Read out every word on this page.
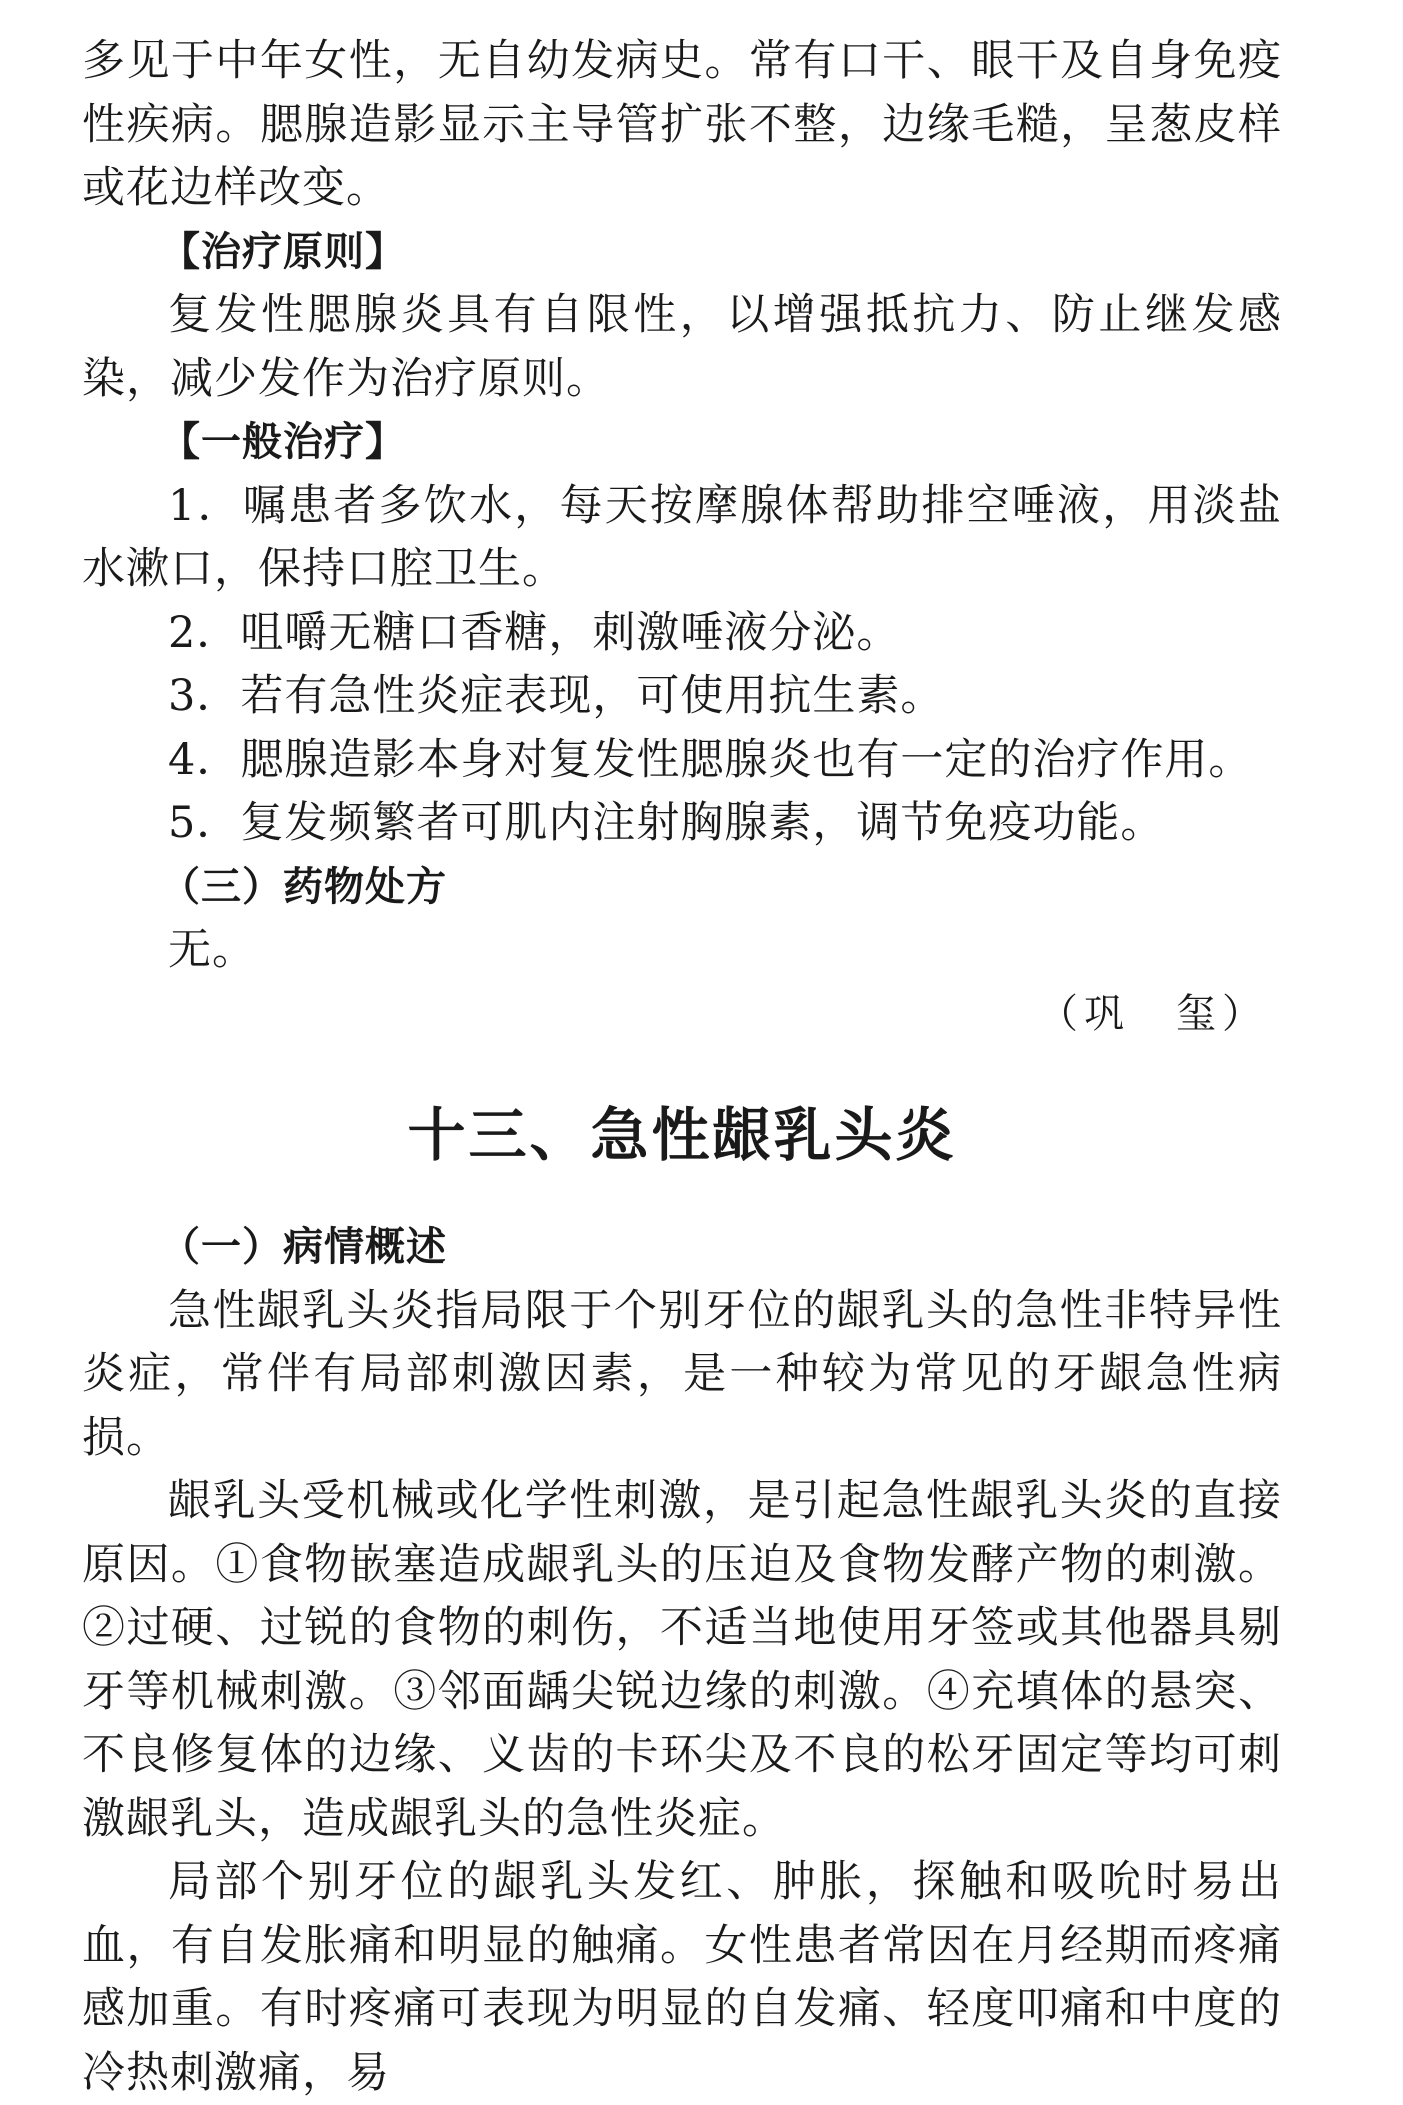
多见于中年女性，无自幼发病史。常有口干、眼干及自身免疫性疾病。腮腺造影显示主导管扩张不整，边缘毛糙，呈葱皮样或花边样改变。

【治疗原则】

复发性腮腺炎具有自限性，以增强抵抗力、防止继发感染，减少发作为治疗原则。

【一般治疗】

1．嘱患者多饮水，每天按摩腺体帮助排空唾液，用淡盐水漱口，保持口腔卫生。

2．咀嚼无糖口香糖，刺激唾液分泌。

3．若有急性炎症表现，可使用抗生素。

4．腮腺造影本身对复发性腮腺炎也有一定的治疗作用。

5．复发频繁者可肌内注射胸腺素，调节免疫功能。

（三）药物处方

无。

（巩　玺）

十三、急性龈乳头炎

（一）病情概述

急性龈乳头炎指局限于个别牙位的龈乳头的急性非特异性炎症，常伴有局部刺激因素，是一种较为常见的牙龈急性病损。

龈乳头受机械或化学性刺激，是引起急性龈乳头炎的直接原因。①食物嵌塞造成龈乳头的压迫及食物发酵产物的刺激。②过硬、过锐的食物的刺伤，不适当地使用牙签或其他器具剔牙等机械刺激。③邻面龋尖锐边缘的刺激。④充填体的悬突、不良修复体的边缘、义齿的卡环尖及不良的松牙固定等均可刺激龈乳头，造成龈乳头的急性炎症。

局部个别牙位的龈乳头发红、肿胀，探触和吸吮时易出血，有自发胀痛和明显的触痛。女性患者常因在月经期而疼痛感加重。有时疼痛可表现为明显的自发痛、轻度叩痛和中度的冷热刺激痛，易
